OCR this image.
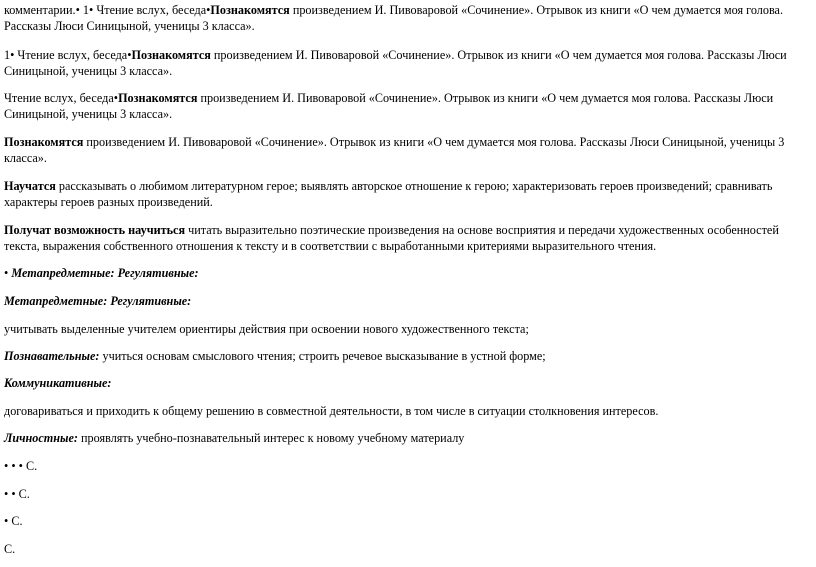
комментарии.• 1• Чтение вслух, беседа•Познакомятся произведением И. Пивоваровой «Сочинение». Отрывок из книги «О чем думается моя голова. Рассказы Люси Синицыной, ученицы 3 класса».

1• Чтение вслух, беседа•Познакомятся произведением И. Пивоваровой «Сочинение». Отрывок из книги «О чем думается моя голова. Рассказы Люси Синицыной, ученицы 3 класса».

Чтение вслух, беседа•Познакомятся произведением И. Пивоваровой «Сочинение». Отрывок из книги «О чем думается моя голова. Рассказы Люси Синицыной, ученицы 3 класса».

Познакомятся произведением И. Пивоваровой «Сочинение». Отрывок из книги «О чем думается моя голова. Рассказы Люси Синицыной, ученицы 3 класса».

Научатся рассказывать о любимом литературном герое; выявлять авторское отношение к герою; характеризовать героев произведений; сравнивать характеры героев разных произведений.

Получат возможность научиться читать выразительно поэтические произведения на основе восприятия и передачи художественных особенностей текста, выражения собственного отношения к тексту и в соответствии с выработанными критериями выразительного чтения.

• Метапредметные: Регулятивные:

Метапредметные: Регулятивные:

учитывать выделенные учителем ориентиры действия при освоении нового художественного текста;

Познавательные: учиться основам смыслового чтения; строить речевое высказывание в устной форме;

Коммуникативные:

договариваться и приходить к общему решению в совместной деятельности, в том числе в ситуации столкновения интересов.

Личностные: проявлять учебно-познавательный интерес к новому учебному материалу

• • • С.

• • С.

• С.

С.
